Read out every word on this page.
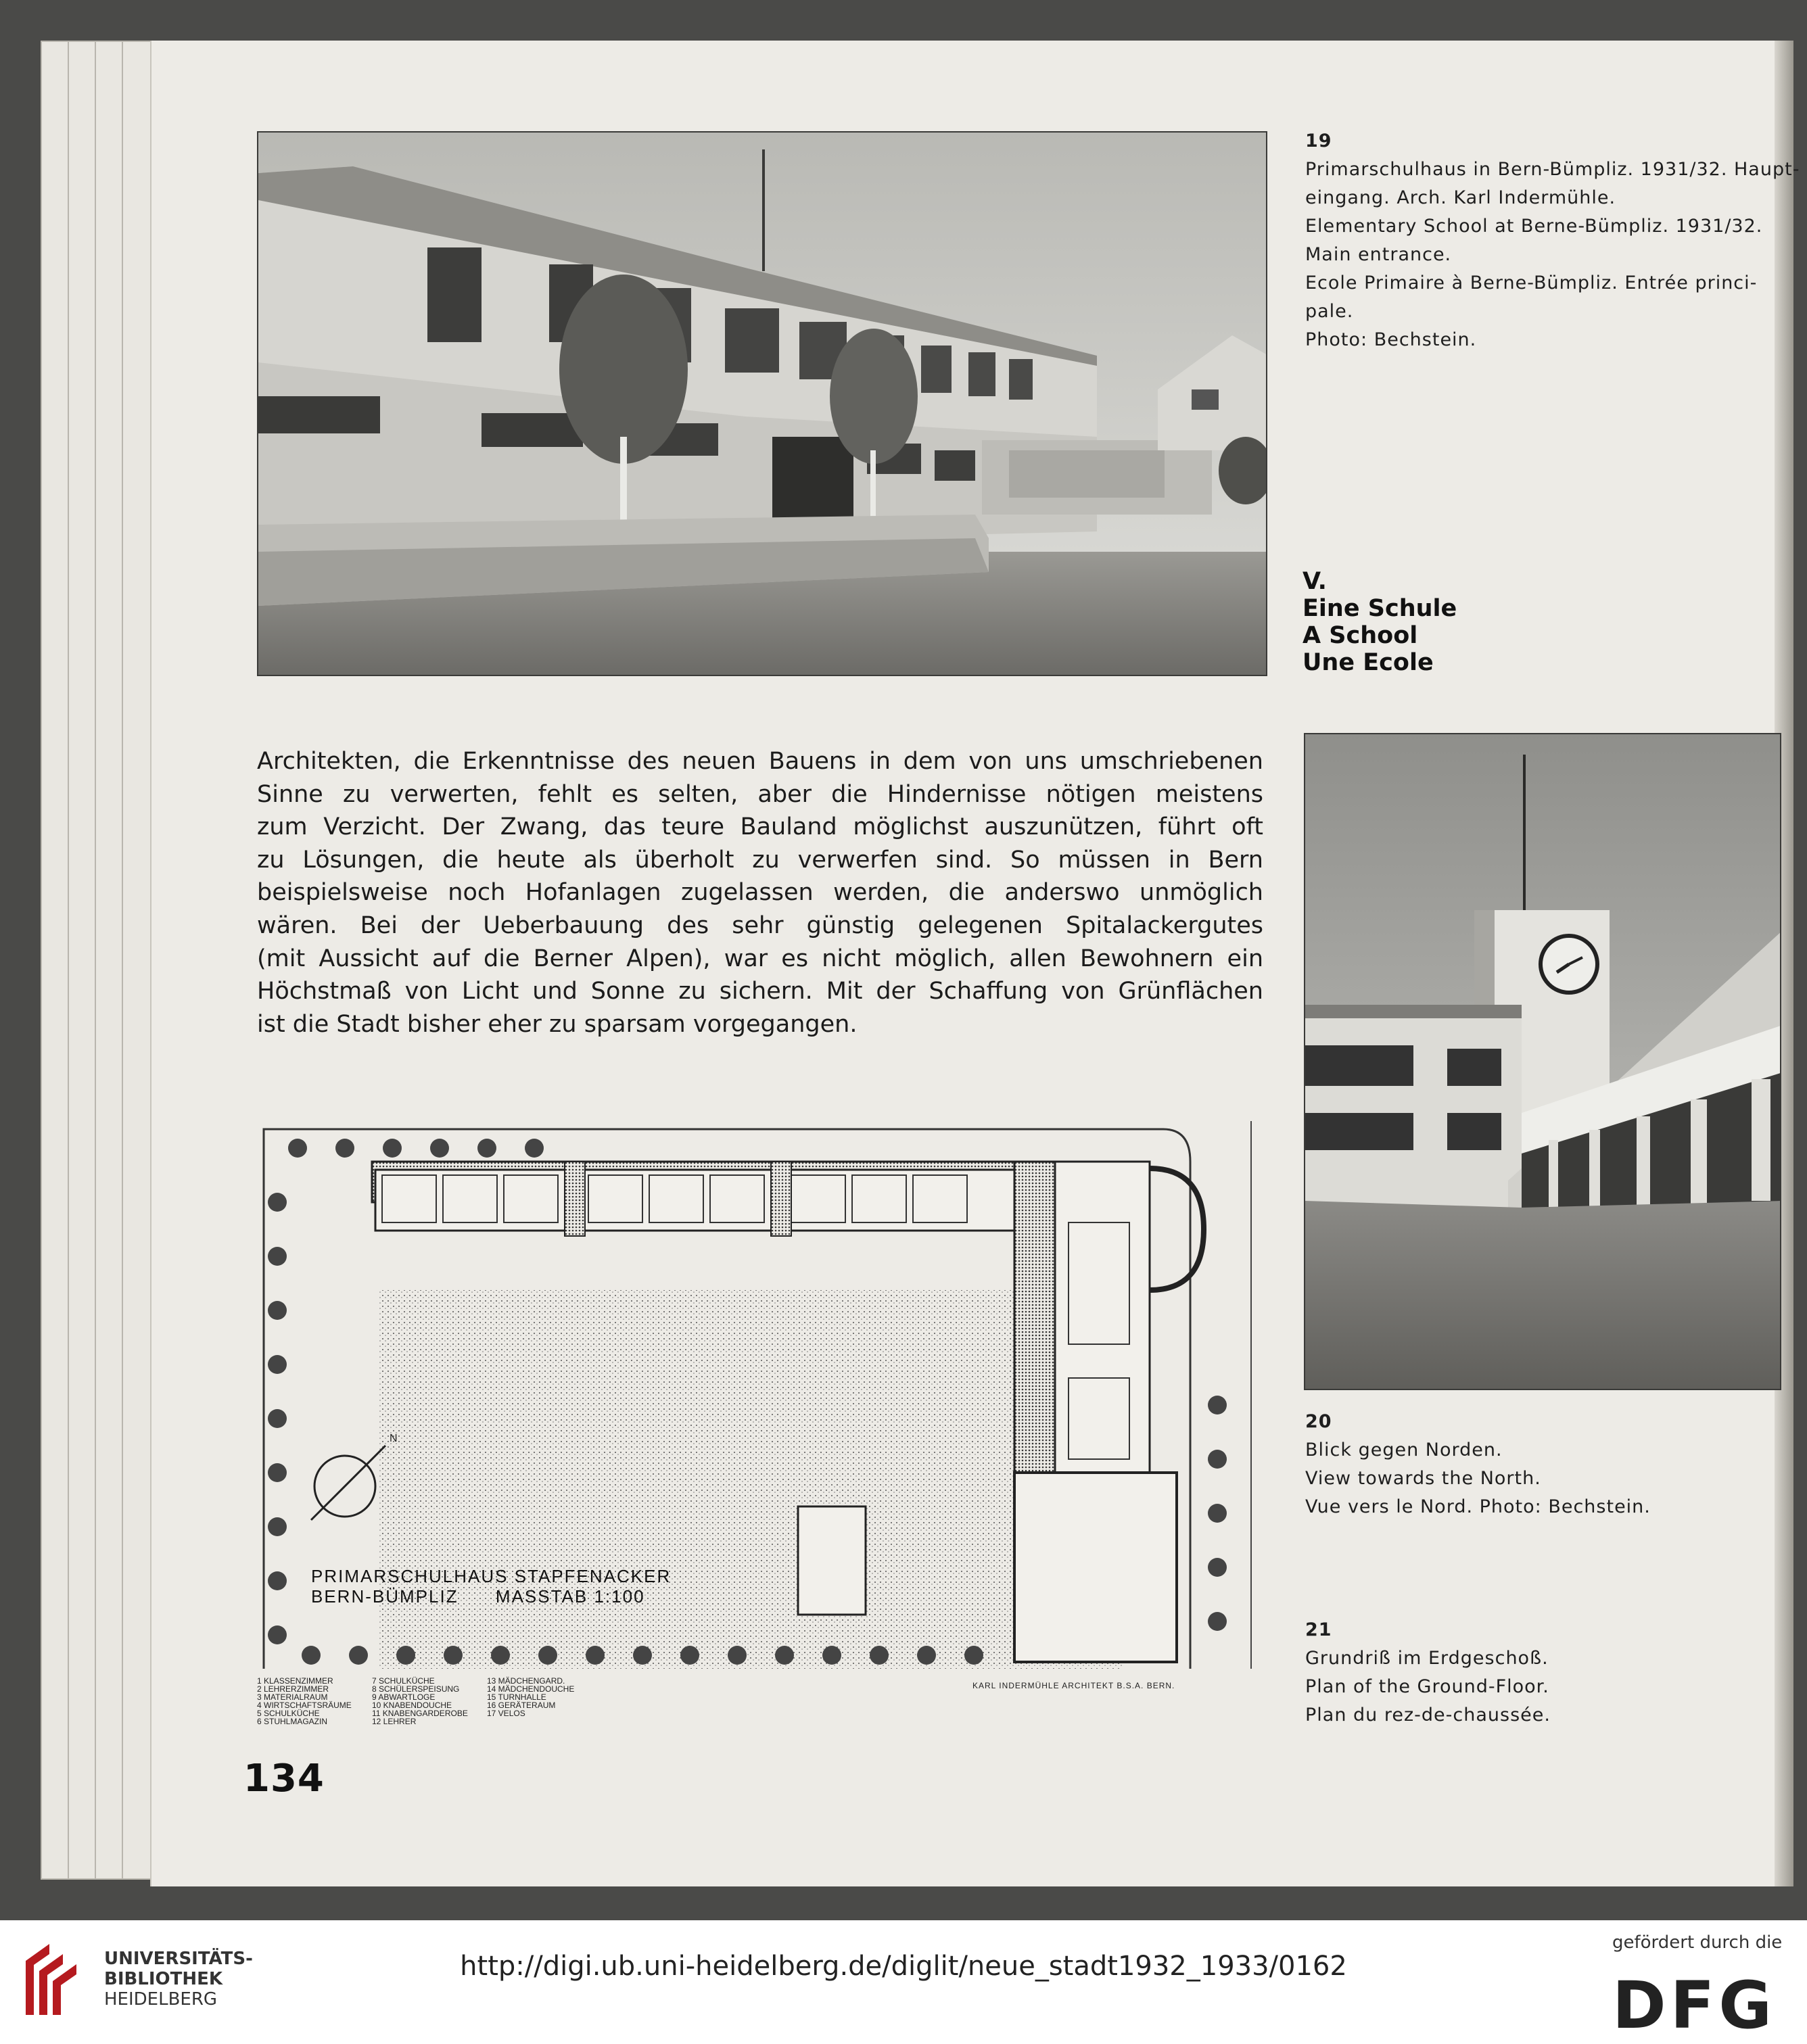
19
Primarschulhaus in Bern-Bümpliz. 1931/32. Haupt-
eingang. Arch. Karl Indermühle.
Elementary School at Berne-Bümpliz. 1931/32.
Main entrance.
Ecole Primaire à Berne-Bümpliz. Entrée princi-
pale.
Photo: Bechstein.
V.
Eine Schule
A School
Une Ecole
Architekten, die Erkenntnisse des neuen Bauens in dem von uns umschriebenen
Sinne zu verwerten, fehlt es selten, aber die Hindernisse nötigen meistens
zum Verzicht. Der Zwang, das teure Bauland möglichst auszunützen, führt oft
zu Lösungen, die heute als überholt zu verwerfen sind. So müssen in Bern
beispielsweise noch Hofanlagen zugelassen werden, die anderswo unmöglich
wären. Bei der Ueberbauung des sehr günstig gelegenen Spitalackergutes
(mit Aussicht auf die Berner Alpen), war es nicht möglich, allen Bewohnern ein
Höchstmaß von Licht und Sonne zu sichern. Mit der Schaffung von Grünflächen
ist die Stadt bisher eher zu sparsam vorgegangen.
20
Blick gegen Norden.
View towards the North.
Vue vers le Nord. Photo: Bechstein.
21
Grundriß im Erdgeschoß.
Plan of the Ground-Floor.
Plan du rez-de-chaussée.
N
PRIMARSCHULHAUS STAPFENACKER
BERN-BÜMPLIZ      MASSTAB 1:100
1 KLASSENZIMMER
2 LEHRERZIMMER
3 MATERIALRAUM
4 WIRTSCHAFTSRÄUME
5 SCHULKÜCHE
6 STUHLMAGAZIN
7 SCHULKÜCHE
8 SCHÜLERSPEISUNG
9 ABWARTLOGE
10 KNABENDOUCHE
11 KNABENGARDEROBE
12 LEHRER
13 MÄDCHENGARD.
14 MÄDCHENDOUCHE
15 TURNHALLE
16 GERÄTERAUM
17 VELOS
KARL INDERMÜHLE ARCHITEKT B.S.A. BERN.
134
UNIVERSITÄTS-
BIBLIOTHEK
HEIDELBERG
http://digi.ub.uni-heidelberg.de/diglit/neue_stadt1932_1933/0162
gefördert durch die
DFG
